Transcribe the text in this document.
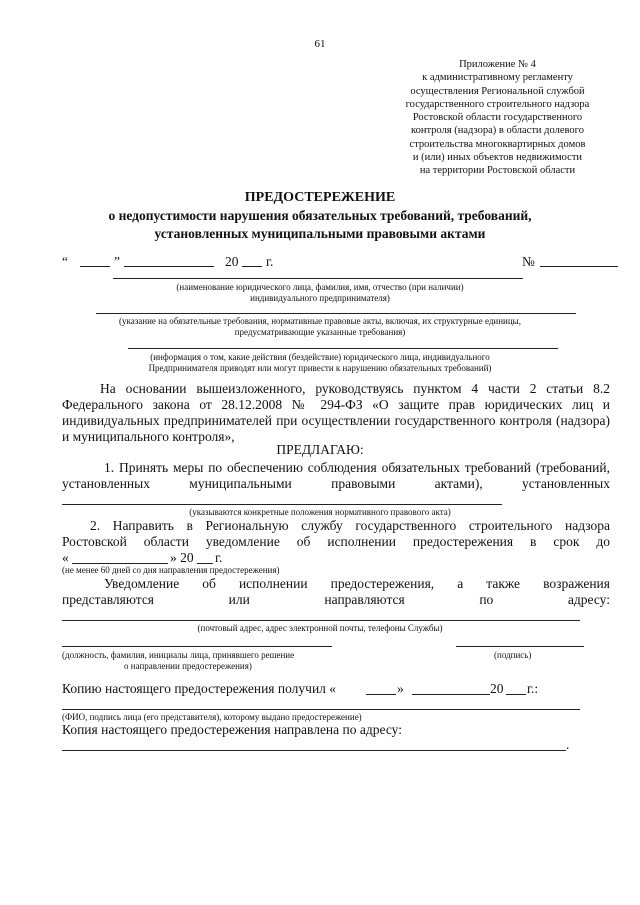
61
Приложение № 4
к административному регламенту
осуществления Региональной службой
государственного строительного надзора
Ростовской области государственного
контроля (надзора) в области долевого
строительства многоквартирных домов
и (или) иных объектов недвижимости
на территории Ростовской области
ПРЕДОСТЕРЕЖЕНИЕ
о недопустимости нарушения обязательных требований, требований,
установленных муниципальными правовыми актами
“	”	20 г.	№
(наименование юридического лица, фамилия, имя, отчество (при наличии)
индивидуального предпринимателя)
(указание на обязательные требования, нормативные правовые акты, включая, их структурные единицы,
предусматривающие указанные требования)
(информация о том, какие действия (бездействие) юридического лица, индивидуального
Предпринимателя приводят или могут привести к нарушению обязательных требований)
На основании вышеизложенного, руководствуясь пунктом 4 части 2 статьи 8.2 Федерального закона от 28.12.2008 № 294-ФЗ «О защите прав юридических лиц и индивидуальных предпринимателей при осуществлении государственного контроля (надзора) и муниципального контроля»,
ПРЕДЛАГАЮ:
1. Принять меры по обеспечению соблюдения обязательных требований (требований, установленных муниципальными правовыми актами), установленных
(указываются конкретные положения нормативного правового акта)
2. Направить в Региональную службу государственного строительного надзора Ростовской области уведомление об исполнении предостережения в срок до
«	» 20 г.
(не менее 60 дней со дня направления предостережения)
Уведомление об исполнении предостережения, а также возражения
представляются или направляются по адресу:
(почтовый адрес, адрес электронной почты, телефоны Службы)
(должность, фамилия, инициалы лица, принявшего решение
о направлении предостережения)
(подпись)
Копию настоящего предостережения получил «	»	20 г.:
(ФИО, подпись лица (его представителя), которому выдано предостережение)
Копия настоящего предостережения направлена по адресу:
.
